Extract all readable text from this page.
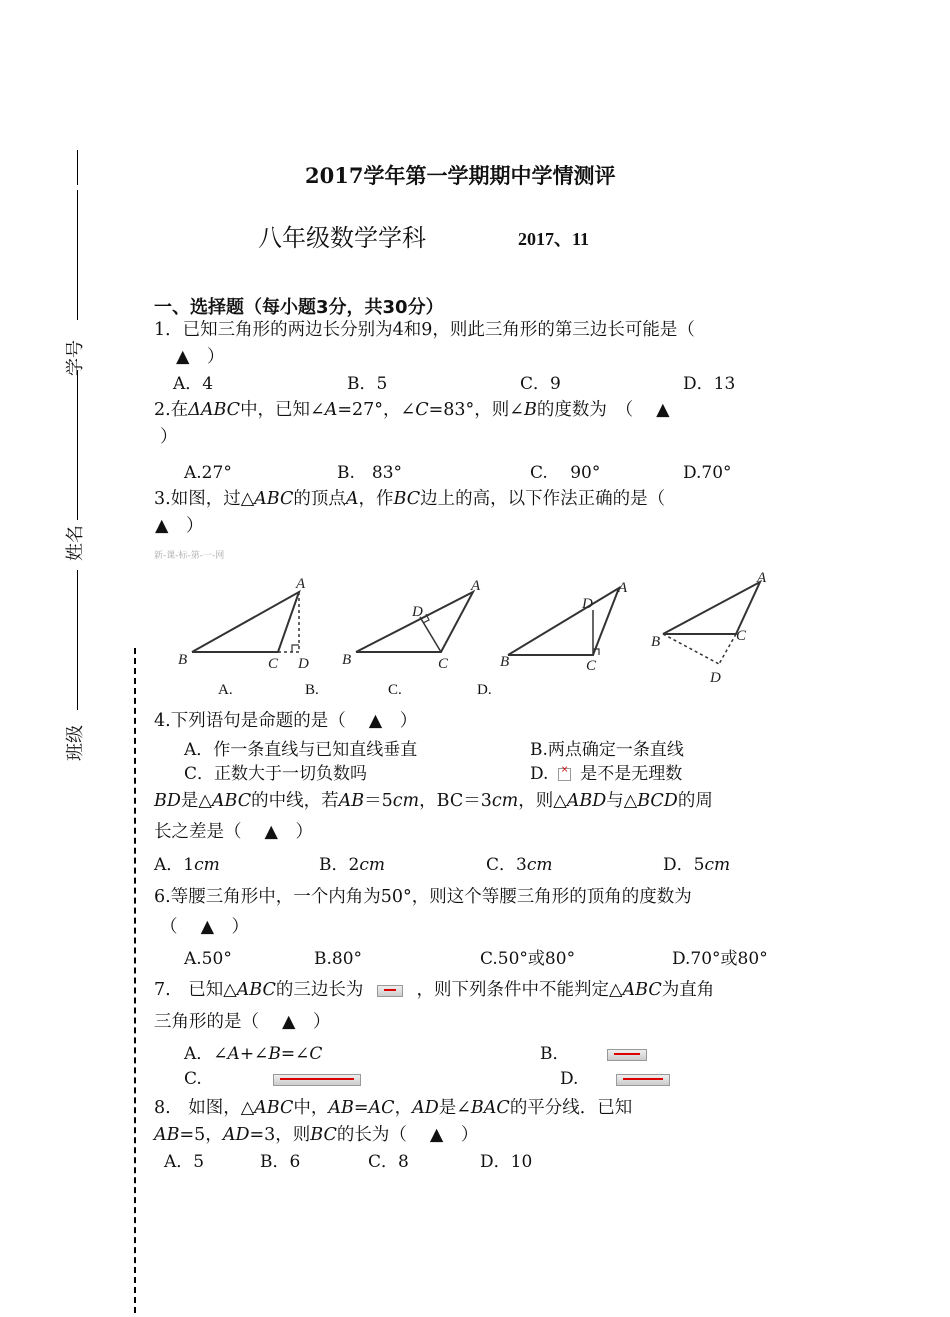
学号
姓名
班级
2017学年第一学期期中学情测评
八年级数学学科	2017、11
一、选择题（每小题3分，共30分）
1．已知三角形的两边长分别为4和9，则此三角形的第三边长可能是（
▲　）
A．4	B．5	C．9	D．13
2.在ΔABC中，已知∠A=27°，∠C=83°，则∠B的度数为　（　 ▲
）
A.27°	B.　83°	C.　 90°	D.70°
3.如图，过△ABC的顶点A，作BC边上的高，以下作法正确的是（
▲　）
新-课-标-第-一-网
A
B	C D
A
B	C
D
A
B	C
D
A
B	C
D
A.	B.	C.	D.
4.下列语句是命题的是（　 ▲　）
A．作一条直线与已知直线垂直	B.两点确定一条直线
C．正数大于一切负数吗	D. × 是不是无理数
BD是△ABC的中线，若AB＝5cm，BC＝3cm，则△ABD与△BCD的周
长之差是（　 ▲　）
A．1cm	B．2cm	C．3cm	D．5cm
6.等腰三角形中，一个内角为50°，则这个等腰三角形的顶角的度数为
（　 ▲　）
A.50°	B.80°	C.50°或80°	D.70°或80°
7.　已知△ABC的三边长为	，则下列条件中不能判定△ABC为直角
三角形的是（　 ▲　）
A．∠A+∠B=∠C	B．
C.	D.
8.　如图，△ABC中，AB=AC，AD是∠BAC的平分线．已知
AB=5，AD=3，则BC的长为（　 ▲　）
A．5	B．6	C．8	D．10
